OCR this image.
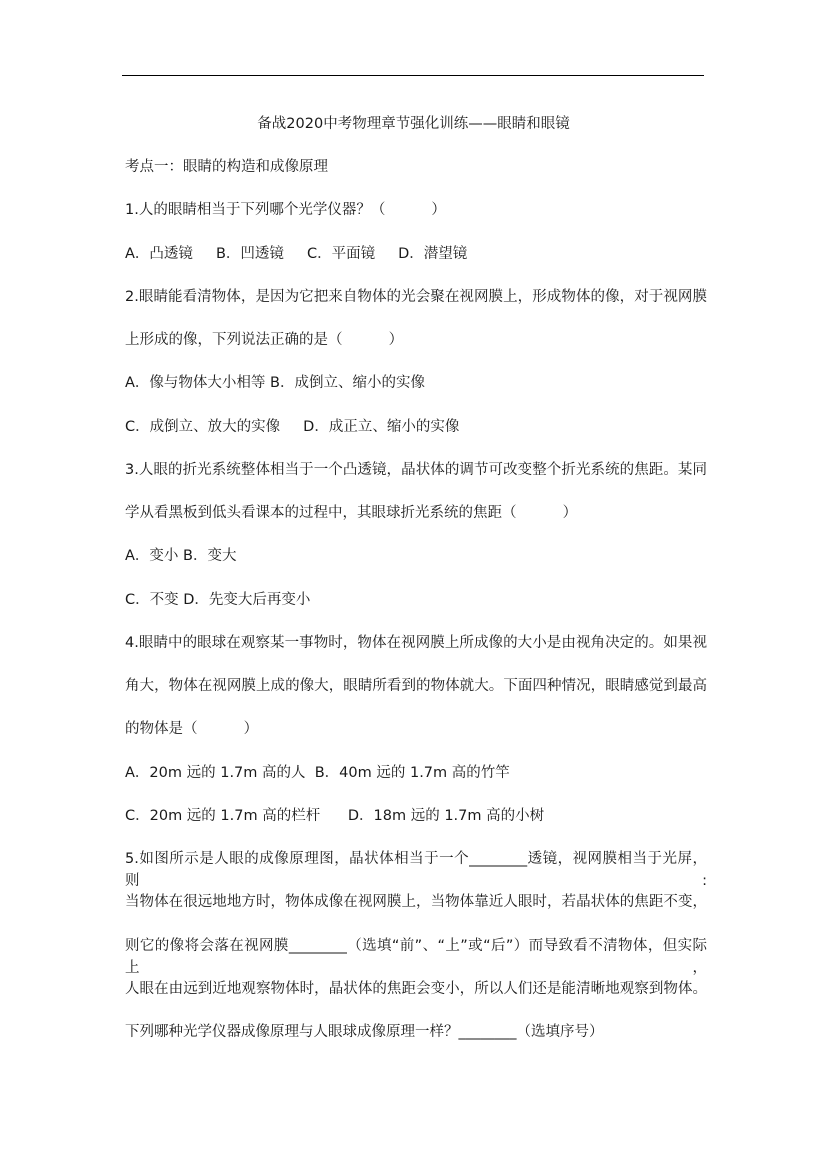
备战2020中考物理章节强化训练——眼睛和眼镜
考点一：眼睛的构造和成像原理
1.人的眼睛相当于下列哪个光学仪器？（          ）
A．凸透镜     B．凹透镜     C．平面镜     D．潜望镜
2.眼睛能看清物体，是因为它把来自物体的光会聚在视网膜上，形成物体的像，对于视网膜
上形成的像，下列说法正确的是（          ）
A．像与物体大小相等 B．成倒立、缩小的实像
C．成倒立、放大的实像     D．成正立、缩小的实像
3.人眼的折光系统整体相当于一个凸透镜，晶状体的调节可改变整个折光系统的焦距。某同
学从看黑板到低头看课本的过程中，其眼球折光系统的焦距（          ）
A．变小 B．变大
C．不变 D．先变大后再变小
4.眼睛中的眼球在观察某一事物时，物体在视网膜上所成像的大小是由视角决定的。如果视
角大，物体在视网膜上成的像大，眼睛所看到的物体就大。下面四种情况，眼睛感觉到最高
的物体是（          ）
A．20m 远的 1.7m 高的人  B．40m 远的 1.7m 高的竹竿
C．20m 远的 1.7m 高的栏杆      D．18m 远的 1.7m 高的小树
5.如图所示是人眼的成像原理图，晶状体相当于一个________透镜，视网膜相当于光屏，则:
当物体在很远地地方时，物体成像在视网膜上，当物体靠近人眼时，若晶状体的焦距不变，
则它的像将会落在视网膜________（选填“前”、“上”或“后”）而导致看不清物体，但实际上，
人眼在由远到近地观察物体时，晶状体的焦距会变小，所以人们还是能清晰地观察到物体。
下列哪种光学仪器成像原理与人眼球成像原理一样？________（选填序号）
